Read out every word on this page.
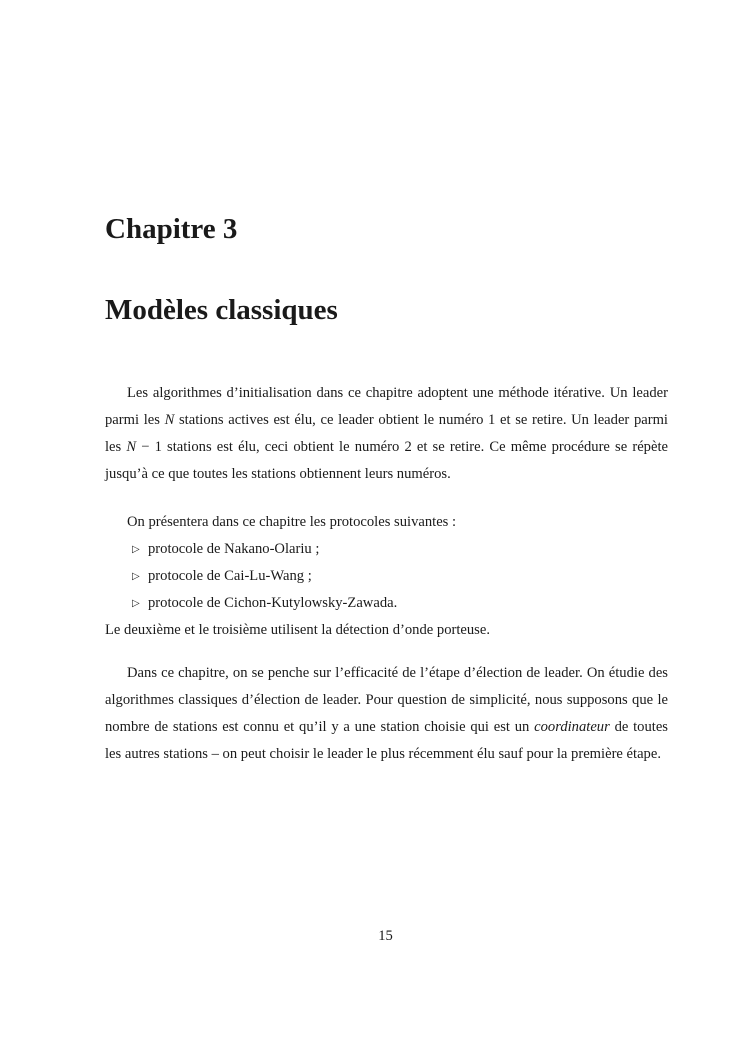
Chapitre 3
Modèles classiques

Les algorithmes d’initialisation dans ce chapitre adoptent une méthode itérative. Un leader parmi les N stations actives est élu, ce leader obtient le numéro 1 et se retire. Un leader parmi les N − 1 stations est élu, ceci obtient le numéro 2 et se retire. Ce même procédure se répète jusqu’à ce que toutes les stations obtiennent leurs numéros.

On présentera dans ce chapitre les protocoles suivantes :

▷ protocole de Nakano-Olariu ;
▷ protocole de Cai-Lu-Wang ;
▷ protocole de Cichon-Kutylowsky-Zawada.

Le deuxième et le troisième utilisent la détection d’onde porteuse.

Dans ce chapitre, on se penche sur l’efficacité de l’étape d’élection de leader. On étudie des algorithmes classiques d’élection de leader. Pour question de simplicité, nous supposons que le nombre de stations est connu et qu’il y a une station choisie qui est un coordinateur de toutes les autres stations – on peut choisir le leader le plus récemment élu sauf pour la première étape.

15
